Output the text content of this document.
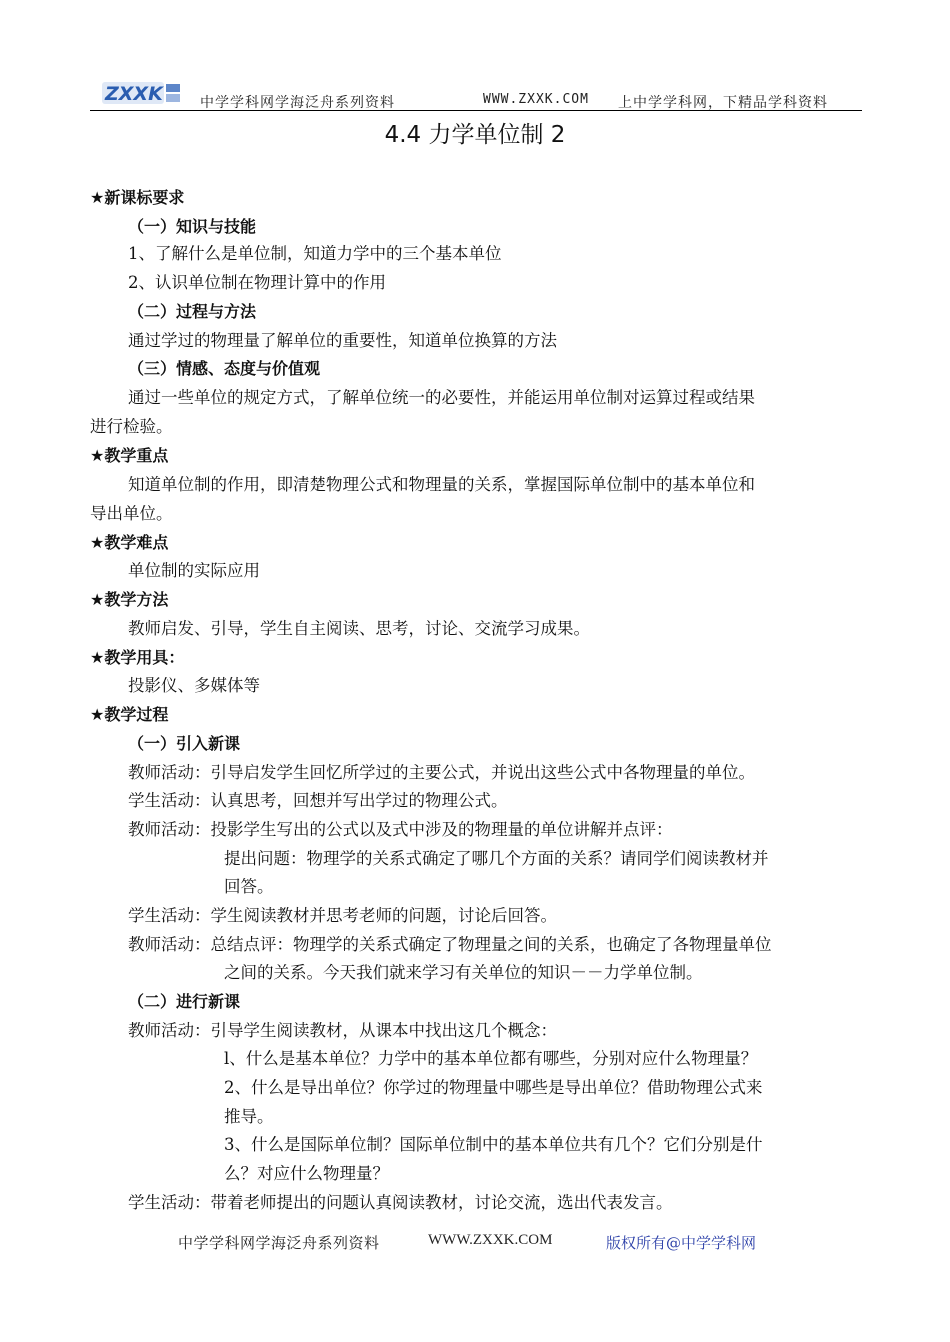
ZXXK	中学学科网学海泛舟系列资料	WWW.ZXXK.COM 上中学学科网，下精品学科资料
4.4 力学单位制 2
★新课标要求
（一）知识与技能
1、了解什么是单位制，知道力学中的三个基本单位
2、认识单位制在物理计算中的作用
（二）过程与方法
通过学过的物理量了解单位的重要性，知道单位换算的方法
（三）情感、态度与价值观
通过一些单位的规定方式，了解单位统一的必要性，并能运用单位制对运算过程或结果
进行检验。
★教学重点
知道单位制的作用，即清楚物理公式和物理量的关系，掌握国际单位制中的基本单位和
导出单位。
★教学难点
单位制的实际应用
★教学方法
教师启发、引导，学生自主阅读、思考，讨论、交流学习成果。
★教学用具：
投影仪、多媒体等
★教学过程
（一）引入新课
教师活动：引导启发学生回忆所学过的主要公式，并说出这些公式中各物理量的单位。
学生活动：认真思考，回想并写出学过的物理公式。
教师活动：投影学生写出的公式以及式中涉及的物理量的单位讲解并点评：
提出问题：物理学的关系式确定了哪几个方面的关系？请同学们阅读教材并
回答。
学生活动：学生阅读教材并思考老师的问题，讨论后回答。
教师活动：总结点评：物理学的关系式确定了物理量之间的关系，也确定了各物理量单位
之间的关系。今天我们就来学习有关单位的知识－－力学单位制。
（二）进行新课
教师活动：引导学生阅读教材，从课本中找出这几个概念：
l、什么是基本单位？力学中的基本单位都有哪些，分别对应什么物理量？
2、什么是导出单位？你学过的物理量中哪些是导出单位？借助物理公式来
推导。
3、什么是国际单位制？国际单位制中的基本单位共有几个？它们分别是什
么？对应什么物理量？
学生活动：带着老师提出的问题认真阅读教材，讨论交流，选出代表发言。
中学学科网学海泛舟系列资料	WWW.ZXXK.COM	版权所有@中学学科网
